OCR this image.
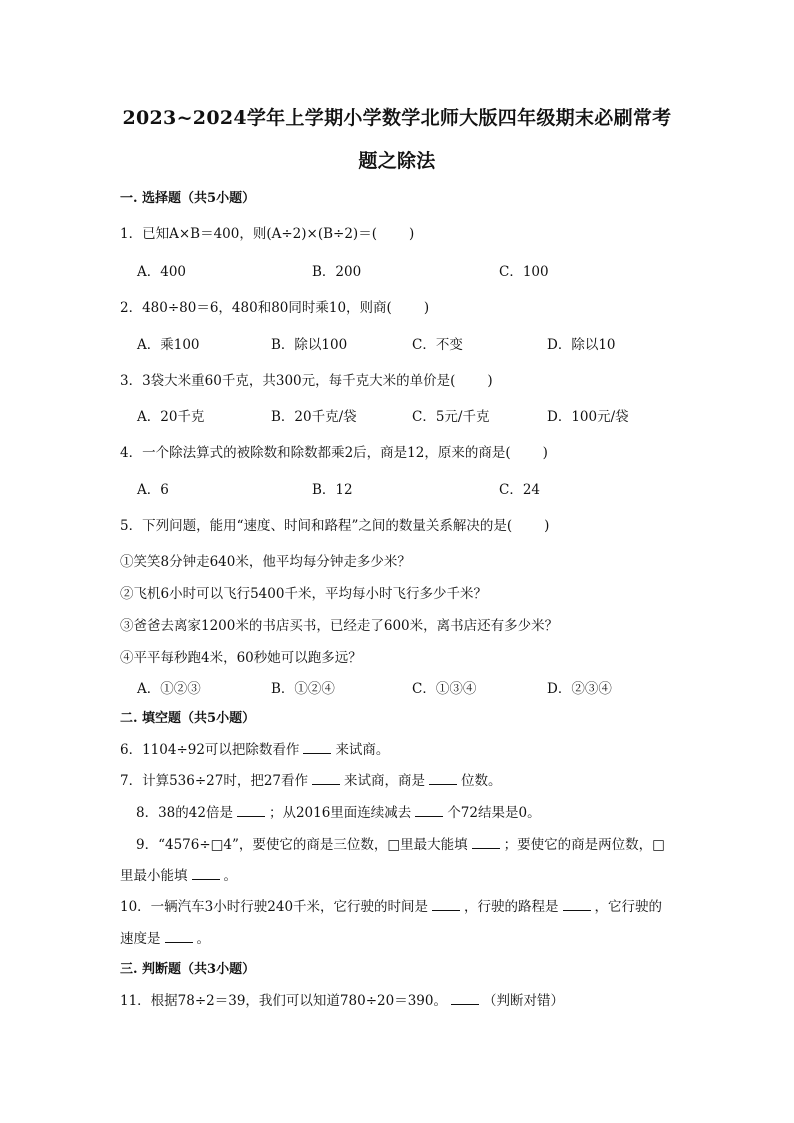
2023~2024学年上学期小学数学北师大版四年级期末必刷常考
题之除法
一. 选择题（共5小题）
1．已知A×B＝400，则(A÷2)×(B÷2)＝( )
A．400	B．200	C．100
2．480÷80＝6，480和80同时乘10，则商( )
A．乘100	B．除以100	C．不变	D．除以10
3．3袋大米重60千克，共300元，每千克大米的单价是( )
A．20千克	B．20千克/袋	C．5元/千克	D．100元/袋
4．一个除法算式的被除数和除数都乘2后，商是12，原来的商是( )
A．6	B．12	C．24
5．下列问题，能用“速度、时间和路程”之间的数量关系解决的是( )
①笑笑8分钟走640米，他平均每分钟走多少米？
②飞机6小时可以飞行5400千米，平均每小时飞行多少千米？
③爸爸去离家1200米的书店买书，已经走了600米，离书店还有多少米？
④平平每秒跑4米，60秒她可以跑多远？
A．①②③	B．①②④	C．①③④	D．②③④
二. 填空题（共5小题）
6．1104÷92可以把除数看作	来试商。
7．计算536÷27时，把27看作	来试商，商是	位数。
8．38的42倍是	；从2016里面连续减去	个72结果是0。
9．“4576÷□4”，要使它的商是三位数，□里最大能填	；要使它的商是两位数，□
里最小能填	。
10．一辆汽车3小时行驶240千米，它行驶的时间是	，行驶的路程是	，它行驶的
速度是	。
三. 判断题（共3小题）
11．根据78÷2＝39，我们可以知道780÷20＝390。	（判断对错）
